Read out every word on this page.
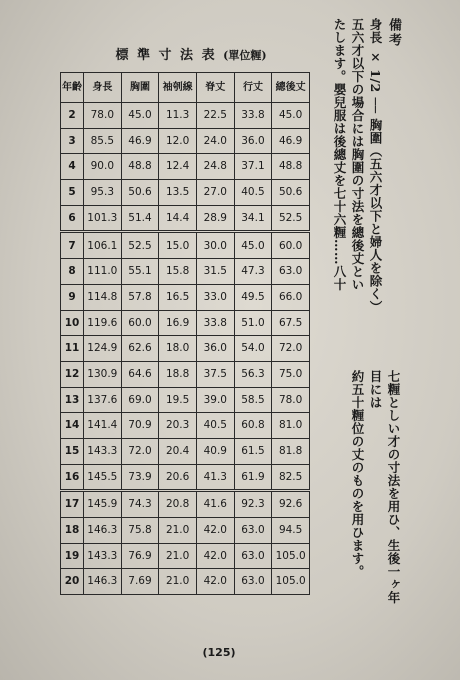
標 準 寸 法 表 (單位糎)
年齡	身長	胸圍	袖刳線	脊丈	行丈	總後丈
2	78.0	45.0	11.3	22.5	33.8	45.0
3	85.5	46.9	12.0	24.0	36.0	46.9
4	90.0	48.8	12.4	24.8	37.1	48.8
5	95.3	50.6	13.5	27.0	40.5	50.6
6	101.3	51.4	14.4	28.9	34.1	52.5
7	106.1	52.5	15.0	30.0	45.0	60.0
8	111.0	55.1	15.8	31.5	47.3	63.0
9	114.8	57.8	16.5	33.0	49.5	66.0
10	119.6	60.0	16.9	33.8	51.0	67.5
11	124.9	62.6	18.0	36.0	54.0	72.0
12	130.9	64.6	18.8	37.5	56.3	75.0
13	137.6	69.0	19.5	39.0	58.5	78.0
14	141.4	70.9	20.3	40.5	60.8	81.0
15	143.3	72.0	20.4	40.9	61.5	81.8
16	145.5	73.9	20.6	41.3	61.9	82.5
17	145.9	74.3	20.8	41.6	92.3	92.6
18	146.3	75.8	21.0	42.0	63.0	94.5
19	143.3	76.9	21.0	42.0	63.0	105.0
20	146.3	7.69	21.0	42.0	63.0	105.0
備考
身長 × 1/2 ── 胸圍（五六才以下と婦人を除く）
五六才以下の場合には胸圍の寸法を總後丈とい
たします。嬰兒服は後總丈を七十六糎……八十
七糎としい才の寸法を用ひ、生後一ヶ年目には
約五十糎位の丈のものを用ひます。
(125)
